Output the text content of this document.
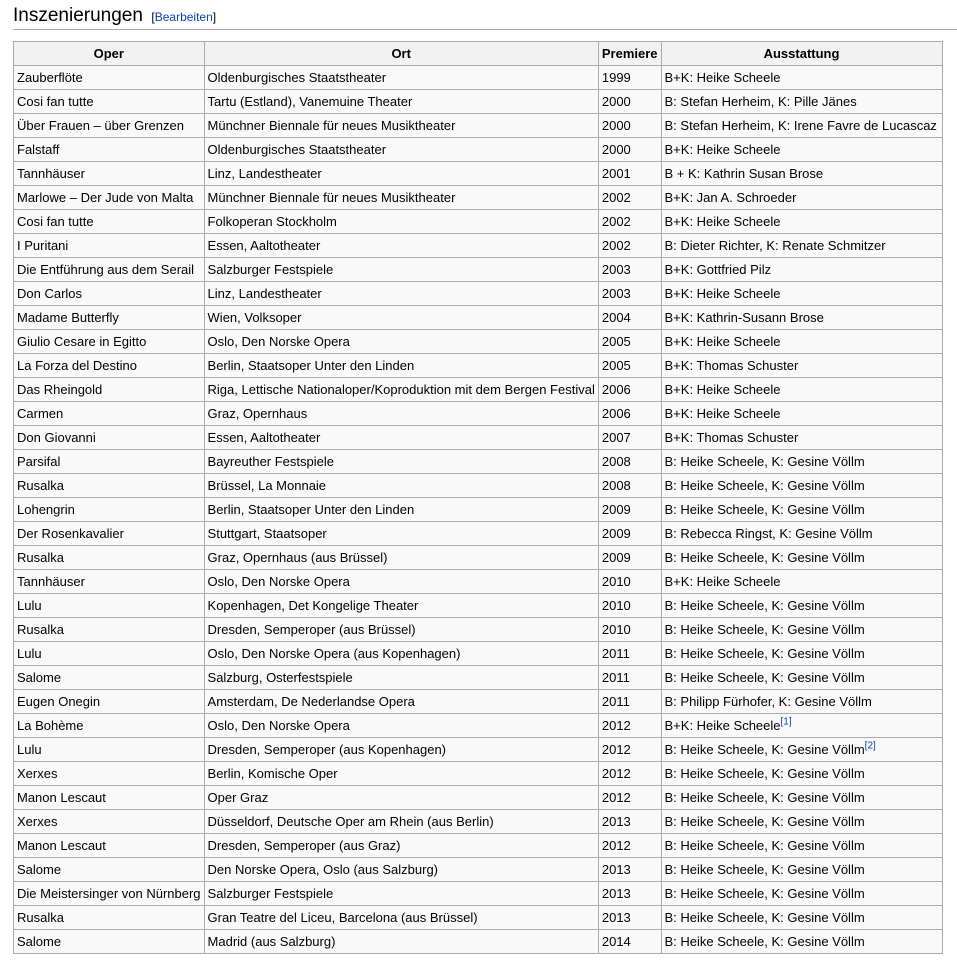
Inszenierungen [Bearbeiten]
Oper	Ort	Premiere	Ausstattung
Zauberflöte	Oldenburgisches Staatstheater	1999	B+K: Heike Scheele
Cosi fan tutte	Tartu (Estland), Vanemuine Theater	2000	B: Stefan Herheim, K: Pille Jänes
Über Frauen – über Grenzen	Münchner Biennale für neues Musiktheater	2000	B: Stefan Herheim, K: Irene Favre de Lucascaz
Falstaff	Oldenburgisches Staatstheater	2000	B+K: Heike Scheele
Tannhäuser	Linz, Landestheater	2001	B + K: Kathrin Susan Brose
Marlowe – Der Jude von Malta	Münchner Biennale für neues Musiktheater	2002	B+K: Jan A. Schroeder
Cosi fan tutte	Folkoperan Stockholm	2002	B+K: Heike Scheele
I Puritani	Essen, Aaltotheater	2002	B: Dieter Richter, K: Renate Schmitzer
Die Entführung aus dem Serail	Salzburger Festspiele	2003	B+K: Gottfried Pilz
Don Carlos	Linz, Landestheater	2003	B+K: Heike Scheele
Madame Butterfly	Wien, Volksoper	2004	B+K: Kathrin-Susann Brose
Giulio Cesare in Egitto	Oslo, Den Norske Opera	2005	B+K: Heike Scheele
La Forza del Destino	Berlin, Staatsoper Unter den Linden	2005	B+K: Thomas Schuster
Das Rheingold	Riga, Lettische Nationaloper/Koproduktion mit dem Bergen Festival	2006	B+K: Heike Scheele
Carmen	Graz, Opernhaus	2006	B+K: Heike Scheele
Don Giovanni	Essen, Aaltotheater	2007	B+K: Thomas Schuster
Parsifal	Bayreuther Festspiele	2008	B: Heike Scheele, K: Gesine Völlm
Rusalka	Brüssel, La Monnaie	2008	B: Heike Scheele, K: Gesine Völlm
Lohengrin	Berlin, Staatsoper Unter den Linden	2009	B: Heike Scheele, K: Gesine Völlm
Der Rosenkavalier	Stuttgart, Staatsoper	2009	B: Rebecca Ringst, K: Gesine Völlm
Rusalka	Graz, Opernhaus (aus Brüssel)	2009	B: Heike Scheele, K: Gesine Völlm
Tannhäuser	Oslo, Den Norske Opera	2010	B+K: Heike Scheele
Lulu	Kopenhagen, Det Kongelige Theater	2010	B: Heike Scheele, K: Gesine Völlm
Rusalka	Dresden, Semperoper (aus Brüssel)	2010	B: Heike Scheele, K: Gesine Völlm
Lulu	Oslo, Den Norske Opera (aus Kopenhagen)	2011	B: Heike Scheele, K: Gesine Völlm
Salome	Salzburg, Osterfestspiele	2011	B: Heike Scheele, K: Gesine Völlm
Eugen Onegin	Amsterdam, De Nederlandse Opera	2011	B: Philipp Fürhofer, K: Gesine Völlm
La Bohème	Oslo, Den Norske Opera	2012	B+K: Heike Scheele[1]
Lulu	Dresden, Semperoper (aus Kopenhagen)	2012	B: Heike Scheele, K: Gesine Völlm[2]
Xerxes	Berlin, Komische Oper	2012	B: Heike Scheele, K: Gesine Völlm
Manon Lescaut	Oper Graz	2012	B: Heike Scheele, K: Gesine Völlm
Xerxes	Düsseldorf, Deutsche Oper am Rhein (aus Berlin)	2013	B: Heike Scheele, K: Gesine Völlm
Manon Lescaut	Dresden, Semperoper (aus Graz)	2012	B: Heike Scheele, K: Gesine Völlm
Salome	Den Norske Opera, Oslo (aus Salzburg)	2013	B: Heike Scheele, K: Gesine Völlm
Die Meistersinger von Nürnberg	Salzburger Festspiele	2013	B: Heike Scheele, K: Gesine Völlm
Rusalka	Gran Teatre del Liceu, Barcelona (aus Brüssel)	2013	B: Heike Scheele, K: Gesine Völlm
Salome	Madrid (aus Salzburg)	2014	B: Heike Scheele, K: Gesine Völlm
